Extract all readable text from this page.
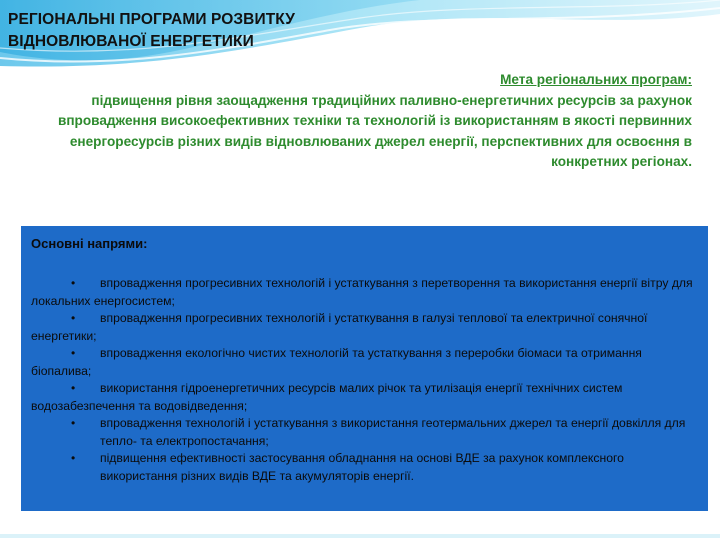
РЕГІОНАЛЬНІ ПРОГРАМИ РОЗВИТКУ
ВІДНОВЛЮВАНОЇ ЕНЕРГЕТИКИ
Мета регіональних програм:
підвищення рівня заощадження традиційних паливно-енергетичних ресурсів за рахунок впровадження високоефективних техніки та технологій із використанням в якості первинних енергоресурсів різних видів відновлюваних джерел енергії, перспективних для освоєння в конкретних регіонах.
Основні напрями:
•	впровадження прогресивних технологій і устаткування з перетворення та використання енергії вітру для локальних енергосистем;
•	впровадження прогресивних технологій і устаткування в галузі теплової та електричної сонячної енергетики;
•	впровадження екологічно чистих технологій та устаткування з переробки біомаси та отримання біопалива;
•	використання гідроенергетичних ресурсів малих річок та утилізація енергії технічних систем водозабезпечення та водовідведення;
•	впровадження технологій і устаткування з використання геотермальних джерел та енергії довкілля для тепло- та електропостачання;
•	підвищення ефективності застосування обладнання на основі ВДЕ за рахунок комплексного використання різних видів ВДЕ та акумуляторів енергії.
